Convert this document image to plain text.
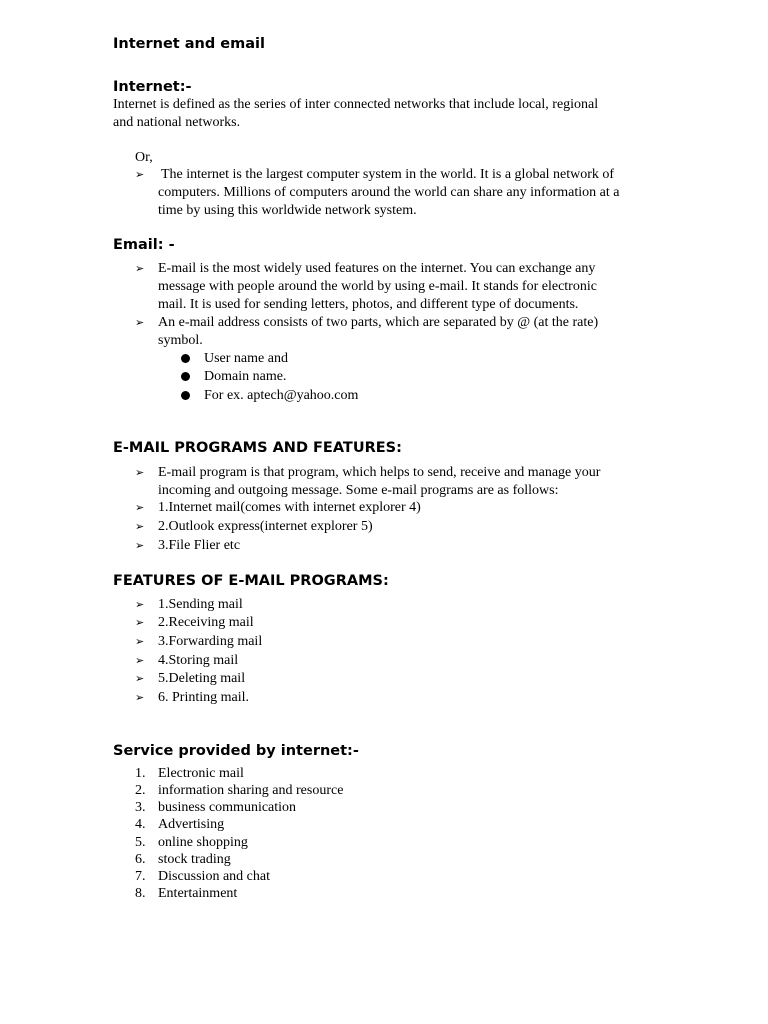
Internet and email
Internet:-

Internet is defined as the series of inter connected networks that include local, regional

and national networks.

Or,

➢ The internet is the largest computer system in the world. It is a global network of
computers. Millions of computers around the world can share any information at a
time by using this worldwide network system.
Email: -
➢ E-mail is the most widely used features on the internet. You can exchange any
message with people around the world by using e-mail. It stands for electronic
mail. It is used for sending letters, photos, and different type of documents.
➢ An e-mail address consists of two parts, which are separated by @ (at the rate)
symbol.
User name and
Domain name.
For ex. aptech@yahoo.com
E-MAIL PROGRAMS AND FEATURES:
➢ E-mail program is that program, which helps to send, receive and manage your
incoming and outgoing message. Some e-mail programs are as follows:
➢ 1.Internet mail(comes with internet explorer 4)
➢ 2.Outlook express(internet explorer 5)
➢ 3.File Flier etc
FEATURES OF E-MAIL PROGRAMS:
➢ 1.Sending mail
➢ 2.Receiving mail
➢ 3.Forwarding mail
➢ 4.Storing mail
➢ 5.Deleting mail
➢ 6. Printing mail.
Service provided by internet:-
1. Electronic mail
2. information sharing and resource
3. business communication
4. Advertising
5. online shopping
6. stock trading
7. Discussion and chat
8. Entertainment
